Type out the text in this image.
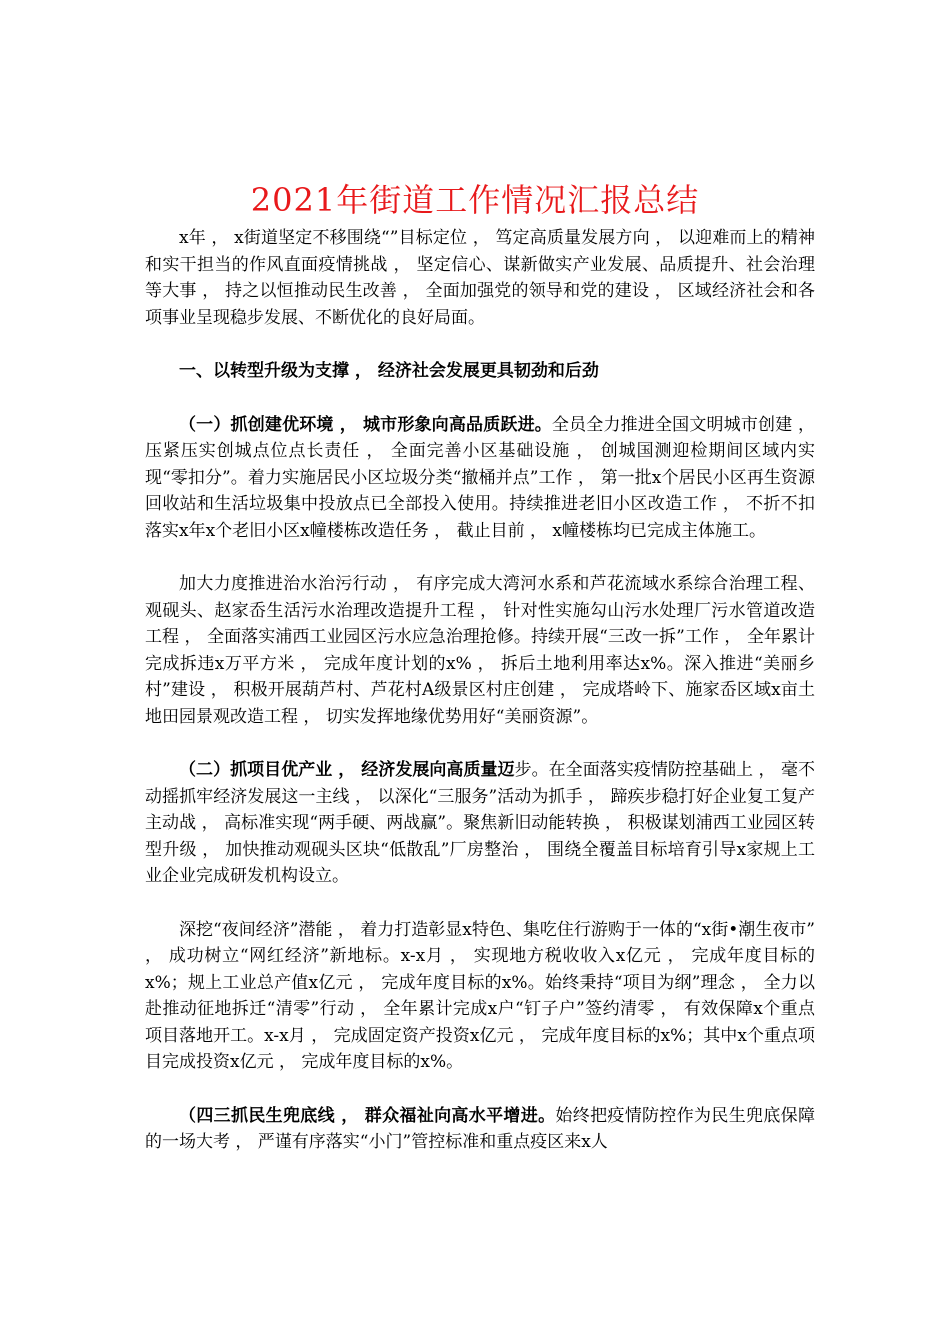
2021年街道工作情况汇报总结

x年 ， x街道坚定不移围绕“”目标定位 ， 笃定高质量发展方向 ， 以迎难而上的精神和实干担当的作风直面疫情挑战 ， 坚定信心、谋新做实产业发展、品质提升、社会治理等大事 ， 持之以恒推动民生改善 ， 全面加强党的领导和党的建设 ， 区域经济社会和各项事业呈现稳步发展、不断优化的良好局面。

一、以转型升级为支撑 ， 经济社会发展更具韧劲和后劲

（一）抓创建优环境 ， 城市形象向高品质跃进。全员全力推进全国文明城市创建 ， 压紧压实创城点位点长责任 ， 全面完善小区基础设施 ， 创城国测迎检期间区域内实现“零扣分”。着力实施居民小区垃圾分类“撤桶并点”工作 ， 第一批x个居民小区再生资源回收站和生活垃圾集中投放点已全部投入使用。持续推进老旧小区改造工作 ， 不折不扣落实x年x个老旧小区x幢楼栋改造任务 ， 截止目前 ， x幢楼栋均已完成主体施工。

加大力度推进治水治污行动 ， 有序完成大湾河水系和芦花流域水系综合治理工程、观砚头、赵家岙生活污水治理改造提升工程 ， 针对性实施勾山污水处理厂污水管道改造工程 ， 全面落实浦西工业园区污水应急治理抢修。持续开展“三改一拆”工作 ， 全年累计完成拆违x万平方米 ， 完成年度计划的x% ， 拆后土地利用率达x%。深入推进“美丽乡村”建设 ， 积极开展葫芦村、芦花村A级景区村庄创建 ， 完成塔岭下、施家岙区域x亩土地田园景观改造工程 ， 切实发挥地缘优势用好“美丽资源”。

（二）抓项目优产业 ， 经济发展向高质量迈步。在全面落实疫情防控基础上 ， 毫不动摇抓牢经济发展这一主线 ， 以深化“三服务”活动为抓手 ， 蹄疾步稳打好企业复工复产主动战 ， 高标准实现“两手硬、两战赢”。聚焦新旧动能转换 ， 积极谋划浦西工业园区转型升级 ， 加快推动观砚头区块“低散乱”厂房整治 ， 围绕全覆盖目标培育引导x家规上工业企业完成研发机构设立。

深挖“夜间经济”潜能 ， 着力打造彰显x特色、集吃住行游购于一体的“x街•潮生夜市” ， 成功树立“网红经济”新地标。x-x月 ， 实现地方税收收入x亿元 ， 完成年度目标的x%；规上工业总产值x亿元 ， 完成年度目标的x%。始终秉持“项目为纲”理念 ， 全力以赴推动征地拆迁“清零”行动 ， 全年累计完成x户“钉子户”签约清零 ， 有效保障x个重点项目落地开工。x-x月 ， 完成固定资产投资x亿元 ， 完成年度目标的x%；其中x个重点项目完成投资x亿元 ， 完成年度目标的x%。

（四三抓民生兜底线 ， 群众福祉向高水平增进。始终把疫情防控作为民生兜底保障的一场大考 ， 严谨有序落实“小门”管控标准和重点疫区来x人
